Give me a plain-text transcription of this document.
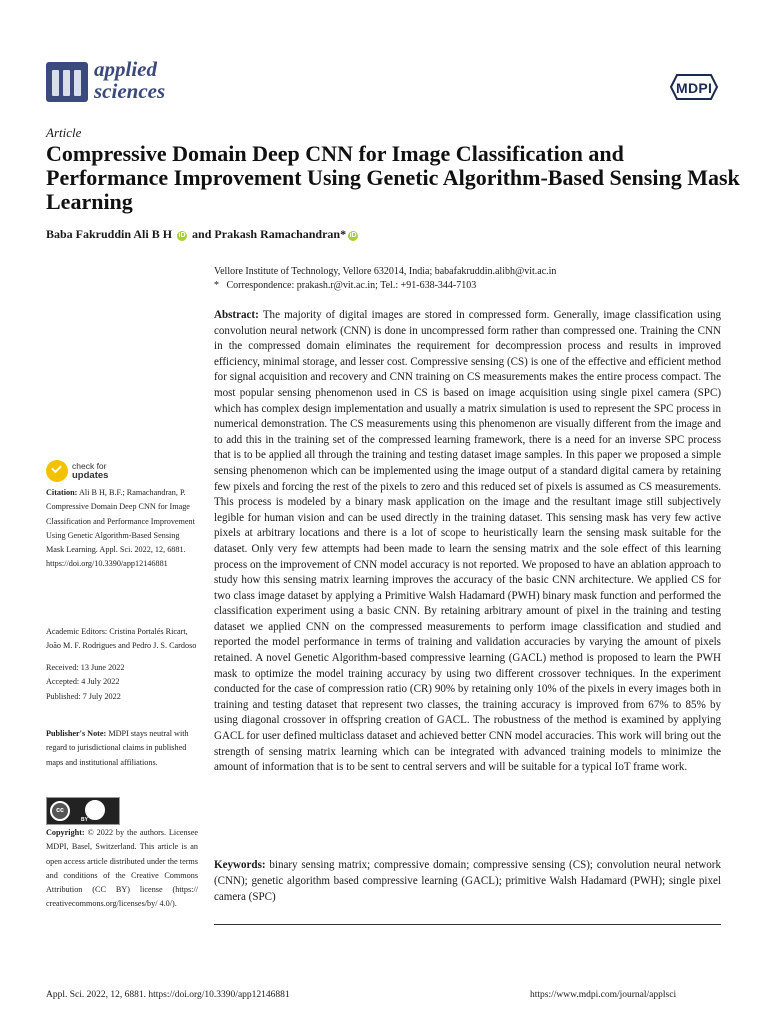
applied
sciences	MDPI
Article
Compressive Domain Deep CNN for Image Classification and Performance Improvement Using Genetic Algorithm-Based Sensing Mask Learning
Baba Fakruddin Ali B H iD and Prakash Ramachandran* iD
Vellore Institute of Technology, Vellore 632014, India; babafakruddin.alibh@vit.ac.in
*   Correspondence: prakash.r@vit.ac.in; Tel.: +91-638-344-7103
Abstract: The majority of digital images are stored in compressed form. Generally, image classification using convolution neural network (CNN) is done in uncompressed form rather than compressed one. Training the CNN in the compressed domain eliminates the requirement for decompression process and results in improved efficiency, minimal storage, and lesser cost. Compressive sensing (CS) is one of the effective and efficient method for signal acquisition and recovery and CNN training on CS measurements makes the entire process compact. The most popular sensing phenomenon used in CS is based on image acquisition using single pixel camera (SPC) which has complex design implementation and usually a matrix simulation is used to represent the SPC process in numerical demonstration. The CS measurements using this phenomenon are visually different from the image and to add this in the training set of the compressed learning framework, there is a need for an inverse SPC process that is to be applied all through the training and testing dataset image samples. In this paper we proposed a simple sensing phenomenon which can be implemented using the image output of a standard digital camera by retaining few pixels and forcing the rest of the pixels to zero and this reduced set of pixels is assumed as CS measurements. This process is modeled by a binary mask application on the image and the resultant image still subjectively legible for human vision and can be used directly in the training dataset. This sensing mask has very few active pixels at arbitrary locations and there is a lot of scope to heuristically learn the sensing mask suitable for the dataset. Only very few attempts had been made to learn the sensing matrix and the sole effect of this learning process on the improvement of CNN model accuracy is not reported. We proposed to have an ablation approach to study how this sensing matrix learning improves the accuracy of the basic CNN architecture. We applied CS for two class image dataset by applying a Primitive Walsh Hadamard (PWH) binary mask function and performed the classification experiment using a basic CNN. By retaining arbitrary amount of pixel in the training and testing dataset we applied CNN on the compressed measurements to perform image classification and studied and reported the model performance in terms of training and validation accuracies by varying the amount of pixels retained. A novel Genetic Algorithm-based compressive learning (GACL) method is proposed to learn the PWH mask to optimize the model training accuracy by using two different crossover techniques. In the experiment conducted for the case of compression ratio (CR) 90% by retaining only 10% of the pixels in every images both in training and testing dataset that represent two classes, the training accuracy is improved from 67% to 85% by using diagonal crossover in offspring creation of GACL. The robustness of the method is examined by applying GACL for user defined multiclass dataset and achieved better CNN model accuracies. This work will bring out the strength of sensing matrix learning which can be integrated with advanced training models to minimize the amount of information that is to be sent to central servers and will be suitable for a typical IoT frame work.
Keywords: binary sensing matrix; compressive domain; compressive sensing (CS); convolution neural network (CNN); genetic algorithm based compressive learning (GACL); primitive Walsh Hadamard (PWH); single pixel camera (SPC)
check for
updates
Citation: Ali B H, B.F.; Ramachandran, P. Compressive Domain Deep CNN for Image Classification and Performance Improvement Using Genetic Algorithm-Based Sensing Mask Learning. Appl. Sci. 2022, 12, 6881. https://doi.org/10.3390/app12146881
Academic Editors: Cristina Portalés Ricart, João M. F. Rodrigues and Pedro J. S. Cardoso
Received: 13 June 2022
Accepted: 4 July 2022
Published: 7 July 2022
Publisher's Note: MDPI stays neutral with regard to jurisdictional claims in published maps and institutional affiliations.
cc
BY
Copyright: © 2022 by the authors. Licensee MDPI, Basel, Switzerland. This article is an open access article distributed under the terms and conditions of the Creative Commons Attribution (CC BY) license (https:// creativecommons.org/licenses/by/ 4.0/).
Appl. Sci. 2022, 12, 6881. https://doi.org/10.3390/app12146881	https://www.mdpi.com/journal/applsci
